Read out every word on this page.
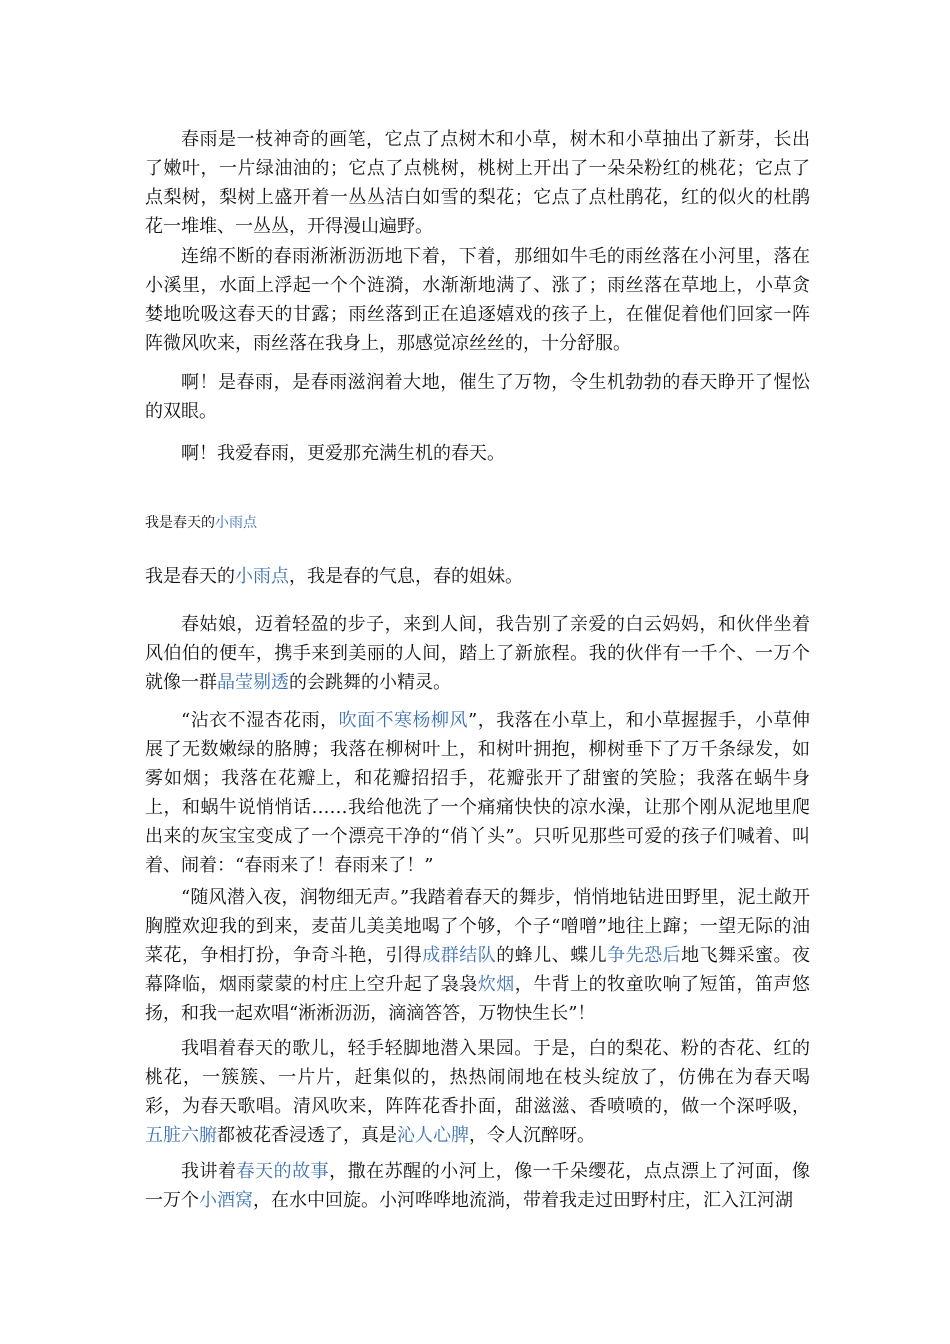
春雨是一枝神奇的画笔，它点了点树木和小草，树木和小草抽出了新芽，长出了嫩叶，一片绿油油的；它点了点桃树，桃树上开出了一朵朵粉红的桃花；它点了点梨树，梨树上盛开着一丛丛洁白如雪的梨花；它点了点杜鹃花，红的似火的杜鹃花一堆堆、一丛丛，开得漫山遍野。

连绵不断的春雨淅淅沥沥地下着，下着，那细如牛毛的雨丝落在小河里，落在小溪里，水面上浮起一个个涟漪，水渐渐地满了、涨了；雨丝落在草地上，小草贪婪地吮吸这春天的甘露；雨丝落到正在追逐嬉戏的孩子上，在催促着他们回家一阵阵微风吹来，雨丝落在我身上，那感觉凉丝丝的，十分舒服。

啊！是春雨，是春雨滋润着大地，催生了万物，令生机勃勃的春天睁开了惺忪的双眼。

啊！我爱春雨，更爱那充满生机的春天。

我是春天的小雨点

我是春天的小雨点，我是春的气息，春的姐妹。

春姑娘，迈着轻盈的步子，来到人间，我告别了亲爱的白云妈妈，和伙伴坐着风伯伯的便车，携手来到美丽的人间，踏上了新旅程。我的伙伴有一千个、一万个就像一群晶莹剔透的会跳舞的小精灵。

“沾衣不湿杏花雨，吹面不寒杨柳风”，我落在小草上，和小草握握手，小草伸展了无数嫩绿的胳膊；我落在柳树叶上，和树叶拥抱，柳树垂下了万千条绿发，如雾如烟；我落在花瓣上，和花瓣招招手，花瓣张开了甜蜜的笑脸；我落在蜗牛身上，和蜗牛说悄悄话……我给他洗了一个痛痛快快的凉水澡，让那个刚从泥地里爬出来的灰宝宝变成了一个漂亮干净的“俏丫头”。只听见那些可爱的孩子们喊着、叫着、闹着：“春雨来了！春雨来了！”

“随风潜入夜，润物细无声。”我踏着春天的舞步，悄悄地钻进田野里，泥土敞开胸膛欢迎我的到来，麦苗儿美美地喝了个够，个子“噌噌”地往上蹿；一望无际的油菜花，争相打扮，争奇斗艳，引得成群结队的蜂儿、蝶儿争先恐后地飞舞采蜜。夜幕降临，烟雨蒙蒙的村庄上空升起了袅袅炊烟，牛背上的牧童吹响了短笛，笛声悠扬，和我一起欢唱“淅淅沥沥，滴滴答答，万物快生长”！

我唱着春天的歌儿，轻手轻脚地潜入果园。于是，白的梨花、粉的杏花、红的桃花，一簇簇、一片片，赶集似的，热热闹闹地在枝头绽放了，仿佛在为春天喝彩，为春天歌唱。清风吹来，阵阵花香扑面，甜滋滋、香喷喷的，做一个深呼吸，五脏六腑都被花香浸透了，真是沁人心脾，令人沉醉呀。

我讲着春天的故事，撒在苏醒的小河上，像一千朵缨花，点点漂上了河面，像一万个小酒窝，在水中回旋。小河哗哗地流淌，带着我走过田野村庄，汇入江河湖
